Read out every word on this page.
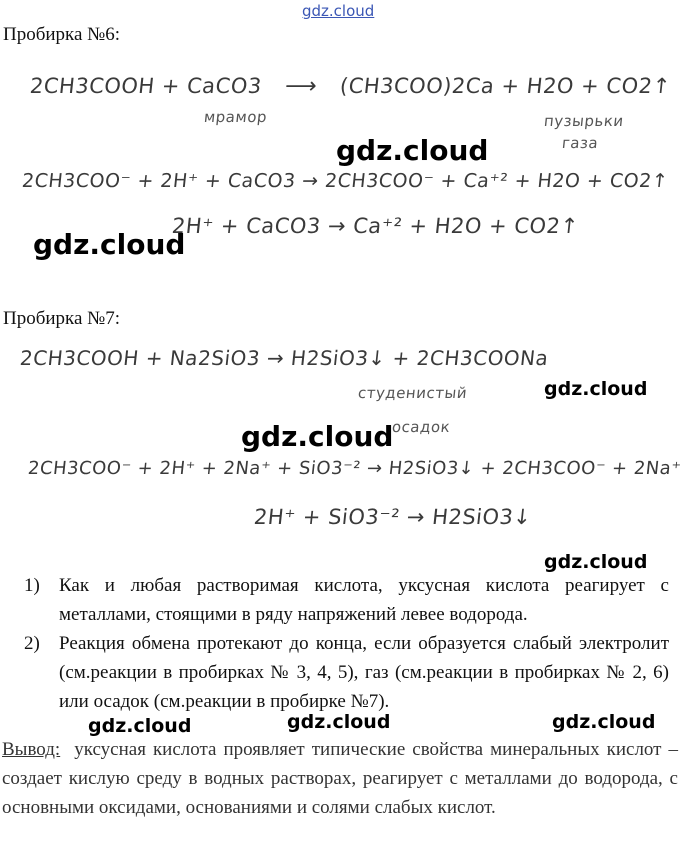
gdz.cloud
Пробирка №6:
2CH3COOH + CaCO3 ⟶ (CH3COO)2Ca + H2O + CO2↑
мрамор	пузырьки
газа
2CH3COO⁻ + 2H⁺ + CaCO3 → 2CH3COO⁻ + Ca⁺² + H2O + CO2↑
2H⁺ + CaCO3 → Ca⁺² + H2O + CO2↑
Пробирка №7:
2CH3COOH + Na2SiO3 → H2SiO3↓ + 2CH3COONa
студенистый
осадок
2CH3COO⁻ + 2H⁺ + 2Na⁺ + SiO3⁻² → H2SiO3↓ + 2CH3COO⁻ + 2Na⁺
2H⁺ + SiO3⁻² → H2SiO3↓
gdz.cloud
gdz.cloud
gdz.cloud
gdz.cloud
gdz.cloud
gdz.cloud	gdz.cloud	gdz.cloud
1) Как и любая растворимая кислота, уксусная кислота реагирует с металлами, стоящими в ряду напряжений левее водорода.
2) Реакция обмена протекают до конца, если образуется слабый электролит (см.реакции в пробирках № 3, 4, 5), газ (см.реакции в пробирках № 2, 6) или осадок (см.реакции в пробирке №7).
Вывод: уксусная кислота проявляет типические свойства минеральных кислот – создает кислую среду в водных растворах, реагирует с металлами до водорода, с основными оксидами, основаниями и солями слабых кислот.
